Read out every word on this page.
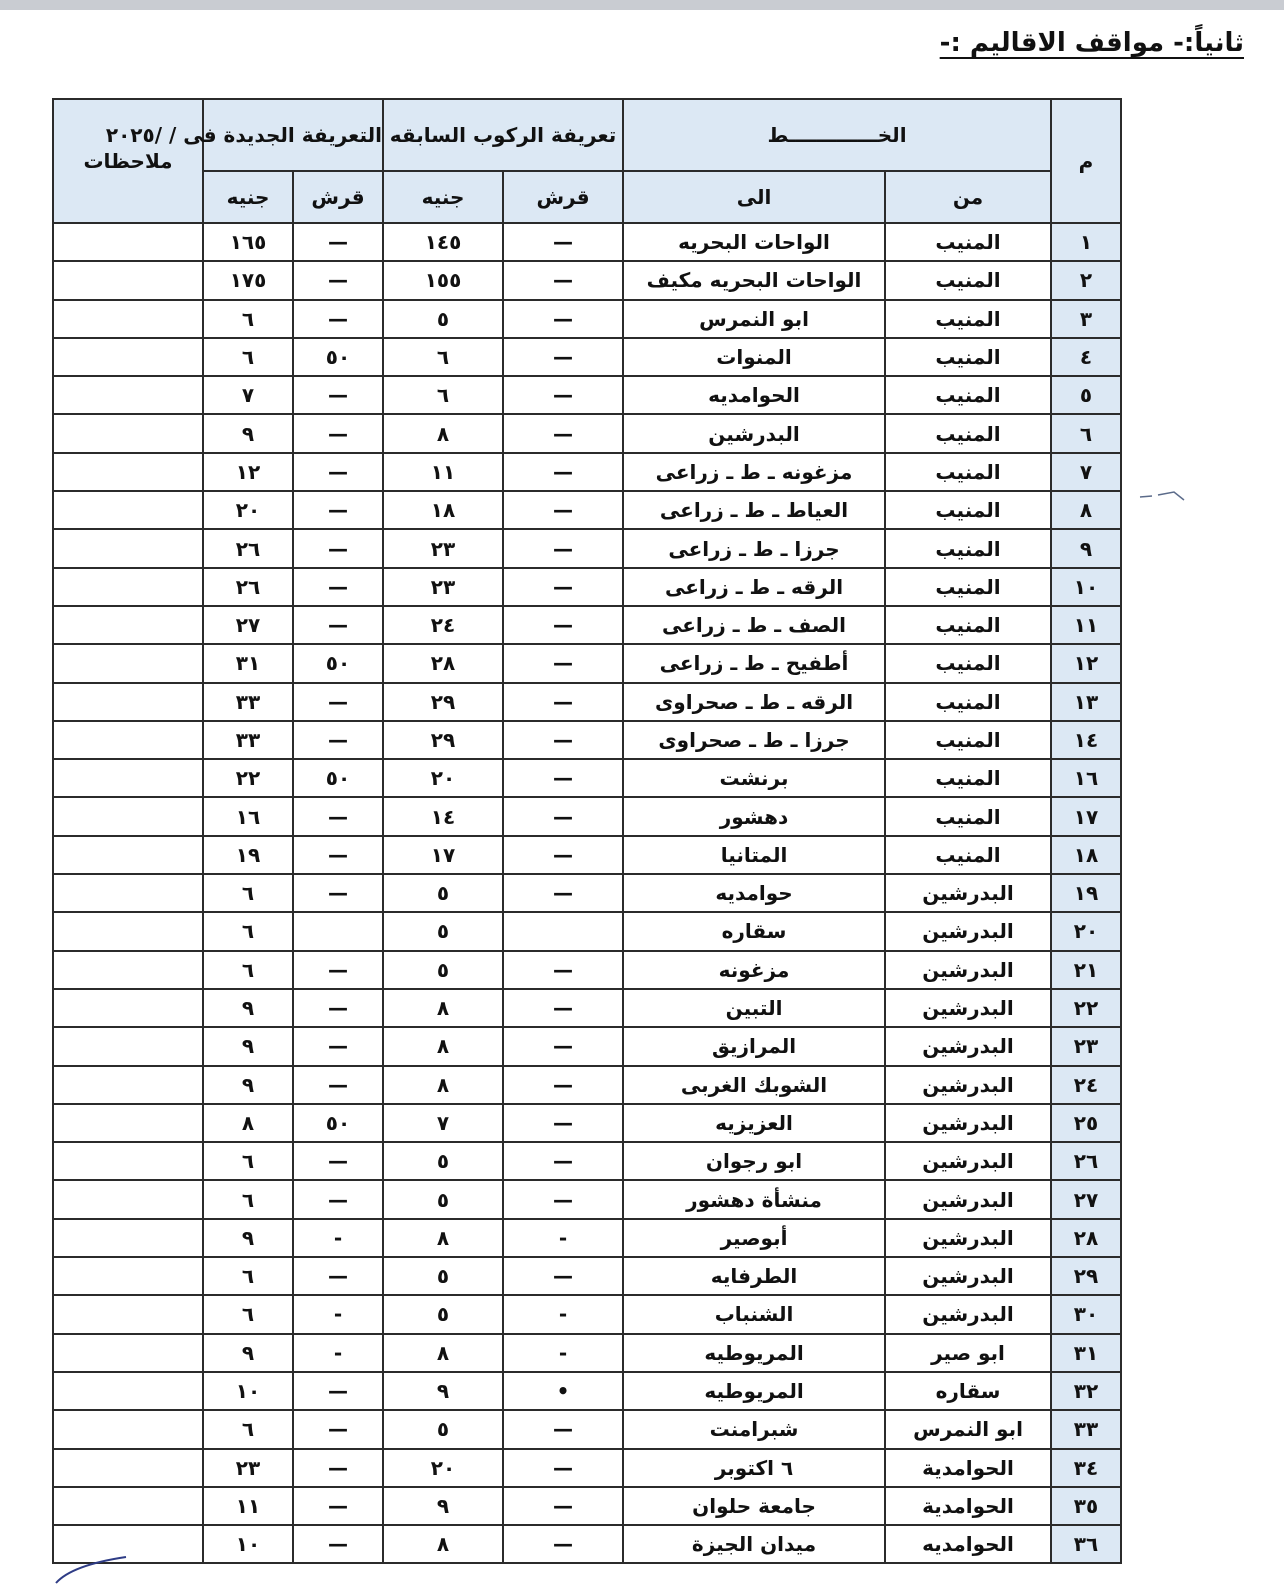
ثانياً:- مواقف الاقاليم :-
م	الخـــــــــــــط		تعريفة الركوب السابقه		التعريفة الجديدة فى / /٢٠٢٥		ملاحظات
	من	الى	قرش	جنيه	قرش	جنيه	
١	المنيب	الواحات البحريه	—	١٤٥	—	١٦٥	
٢	المنيب	الواحات البحريه مكيف	—	١٥٥	—	١٧٥	
٣	المنيب	ابو النمرس	—	٥	—	٦	
٤	المنيب	المنوات	—	٦	٥٠	٦	
٥	المنيب	الحوامديه	—	٦	—	٧	
٦	المنيب	البدرشين	—	٨	—	٩	
٧	المنيب	مزغونه ـ ط ـ زراعى	—	١١	—	١٢	
٨	المنيب	العياط ـ ط ـ زراعى	—	١٨	—	٢٠	
٩	المنيب	جرزا ـ ط ـ زراعى	—	٢٣	—	٢٦	
١٠	المنيب	الرقه ـ ط ـ زراعى	—	٢٣	—	٢٦	
١١	المنيب	الصف ـ ط ـ زراعى	—	٢٤	—	٢٧	
١٢	المنيب	أطفيح ـ ط ـ زراعى	—	٢٨	٥٠	٣١	
١٣	المنيب	الرقه ـ ط ـ صحراوى	—	٢٩	—	٣٣	
١٤	المنيب	جرزا ـ ط ـ صحراوى	—	٢٩	—	٣٣	
١٦	المنيب	برنشت	—	٢٠	٥٠	٢٢	
١٧	المنيب	دهشور	—	١٤	—	١٦	
١٨	المنيب	المتانيا	—	١٧	—	١٩	
١٩	البدرشين	حوامديه	—	٥	—	٦	
٢٠	البدرشين	سقاره		٥		٦	
٢١	البدرشين	مزغونه	—	٥	—	٦	
٢٢	البدرشين	التبين	—	٨	—	٩	
٢٣	البدرشين	المرازيق	—	٨	—	٩	
٢٤	البدرشين	الشوبك الغربى	—	٨	—	٩	
٢٥	البدرشين	العزيزيه	—	٧	٥٠	٨	
٢٦	البدرشين	ابو رجوان	—	٥	—	٦	
٢٧	البدرشين	منشأة دهشور	—	٥	—	٦	
٢٨	البدرشين	أبوصير	-	٨	-	٩	
٢٩	البدرشين	الطرفايه	—	٥	—	٦	
٣٠	البدرشين	الشنباب	-	٥	-	٦	
٣١	ابو صير	المريوطيه	-	٨	-	٩	
٣٢	سقاره	المريوطيه	•	٩	—	١٠	
٣٣	ابو النمرس	شبرامنت	—	٥	—	٦	
٣٤	الحوامدية	٦ اكتوبر	—	٢٠	—	٢٣	
٣٥	الحوامدية	جامعة حلوان	—	٩	—	١١	
٣٦	الحوامديه	ميدان الجيزة	—	٨	—	١٠	
